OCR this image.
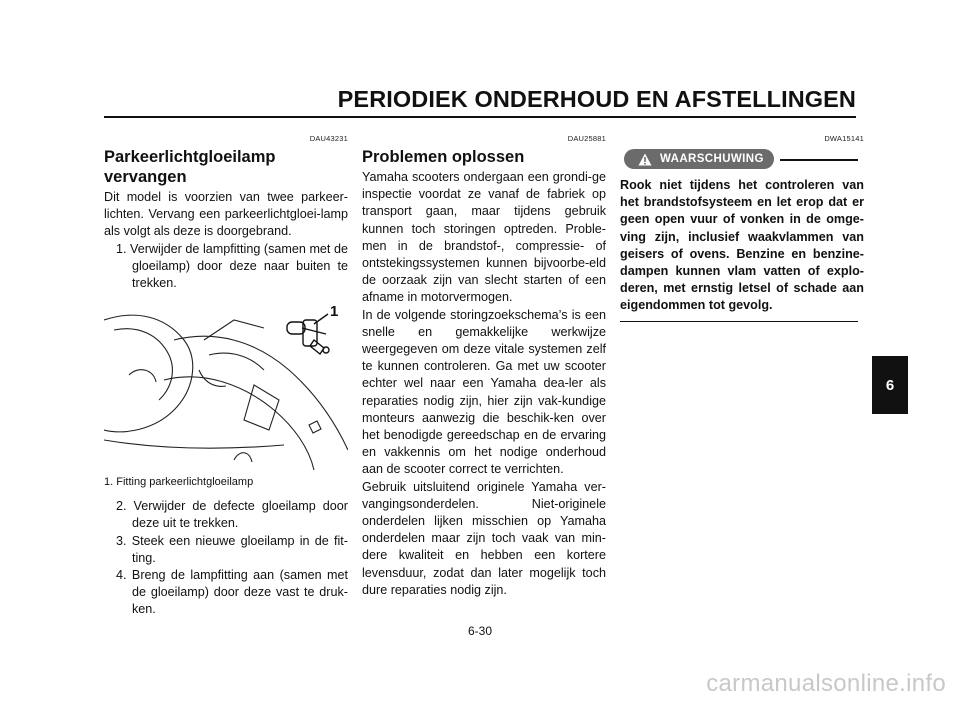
PERIODIEK ONDERHOUD EN AFSTELLINGEN
DAU43231
Parkeerlichtgloeilamp vervangen

Dit model is voorzien van twee parkeer-lichten. Vervang een parkeerlichtgloei-lamp als volgt als deze is doorgebrand.

1. Verwijder de lampfitting (samen met de gloeilamp) door deze naar buiten te trekken.

1
1. Fitting parkeerlichtgloeilamp

2. Verwijder de defecte gloeilamp door deze uit te trekken.

3. Steek een nieuwe gloeilamp in de fit-ting.

4. Breng de lampfitting aan (samen met de gloeilamp) door deze vast te druk-ken.

DAU25881
Problemen oplossen

Yamaha scooters ondergaan een grondi-ge inspectie voordat ze vanaf de fabriek op transport gaan, maar tijdens gebruik kunnen toch storingen optreden. Proble-men in de brandstof-, compressie- of ontstekingssystemen kunnen bijvoorbe-eld de oorzaak zijn van slecht starten of een afname in motorvermogen.

In de volgende storingzoekschema’s is een snelle en gemakkelijke werkwijze weergegeven om deze vitale systemen zelf te kunnen controleren. Ga met uw scooter echter wel naar een Yamaha dea-ler als reparaties nodig zijn, hier zijn vak-kundige monteurs aanwezig die beschik-ken over het benodigde gereedschap en de ervaring en vakkennis om het nodige onderhoud aan de scooter correct te verrichten.

Gebruik uitsluitend originele Yamaha ver-vangingsonderdelen. Niet-originele onderdelen lijken misschien op Yamaha onderdelen maar zijn toch vaak van min-dere kwaliteit en hebben een kortere levensduur, zodat dan later mogelijk toch dure reparaties nodig zijn.

DWA15141
WAARSCHUWING

Rook niet tijdens het controleren van het brandstofsysteem en let erop dat er geen open vuur of vonken in de omge-ving zijn, inclusief waakvlammen van geisers of ovens. Benzine en benzine-dampen kunnen vlam vatten of explo-deren, met ernstig letsel of schade aan eigendommen tot gevolg.

6-30
6
carmanualsonline.info
